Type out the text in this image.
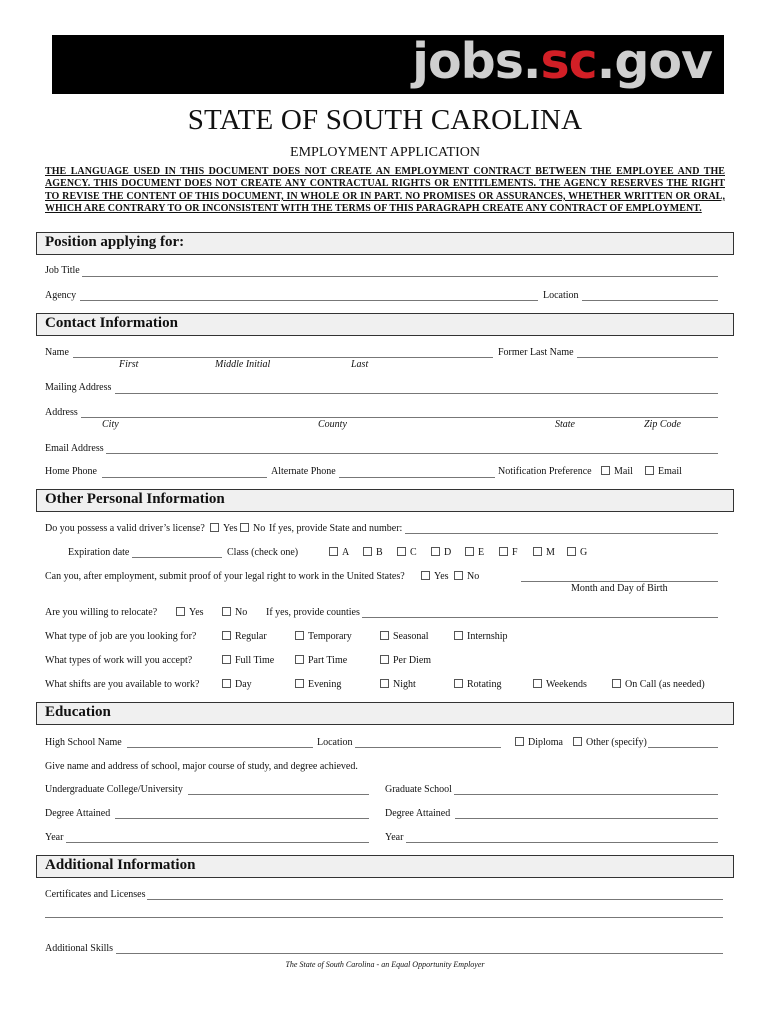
jobs.sc.gov
STATE OF SOUTH CAROLINA
EMPLOYMENT APPLICATION
THE LANGUAGE USED IN THIS DOCUMENT DOES NOT CREATE AN EMPLOYMENT CONTRACT BETWEEN THE EMPLOYEE AND THE AGENCY. THIS DOCUMENT DOES NOT CREATE ANY CONTRACTUAL RIGHTS OR ENTITLEMENTS. THE AGENCY RESERVES THE RIGHT TO REVISE THE CONTENT OF THIS DOCUMENT, IN WHOLE OR IN PART. NO PROMISES OR ASSURANCES, WHETHER WRITTEN OR ORAL, WHICH ARE CONTRARY TO OR INCONSISTENT WITH THE TERMS OF THIS PARAGRAPH CREATE ANY CONTRACT OF EMPLOYMENT.
Position applying for:
Job Title
Agency	Location
Contact Information
Name	Former Last Name
First	Middle Initial	Last
Mailing Address
Address
City	County	State	Zip Code
Email Address
Home Phone	Alternate Phone	Notification Preference	Mail	Email
Other Personal Information
Do you possess a valid driver’s license?	Yes	No If yes, provide State and number:
Expiration date	Class (check one)	A	B	C	D	E	F	M	G
Can you, after employment, submit proof of your legal right to work in the United States?	Yes	No
Month and Day of Birth
Are you willing to relocate?	Yes	No If yes, provide counties
What type of job are you looking for?	Regular	Temporary	Seasonal	Internship
What types of work will you accept?	Full Time	Part Time	Per Diem
What shifts are you available to work?	Day	Evening	Night	Rotating	Weekends	On Call (as needed)
Education
High School Name	Location	Diploma	Other (specify)
Give name and address of school, major course of study, and degree achieved.
Undergraduate College/University	Graduate School
Degree Attained	Degree Attained
Year	Year
Additional Information
Certificates and Licenses
Additional Skills
The State of South Carolina - an Equal Opportunity Employer
